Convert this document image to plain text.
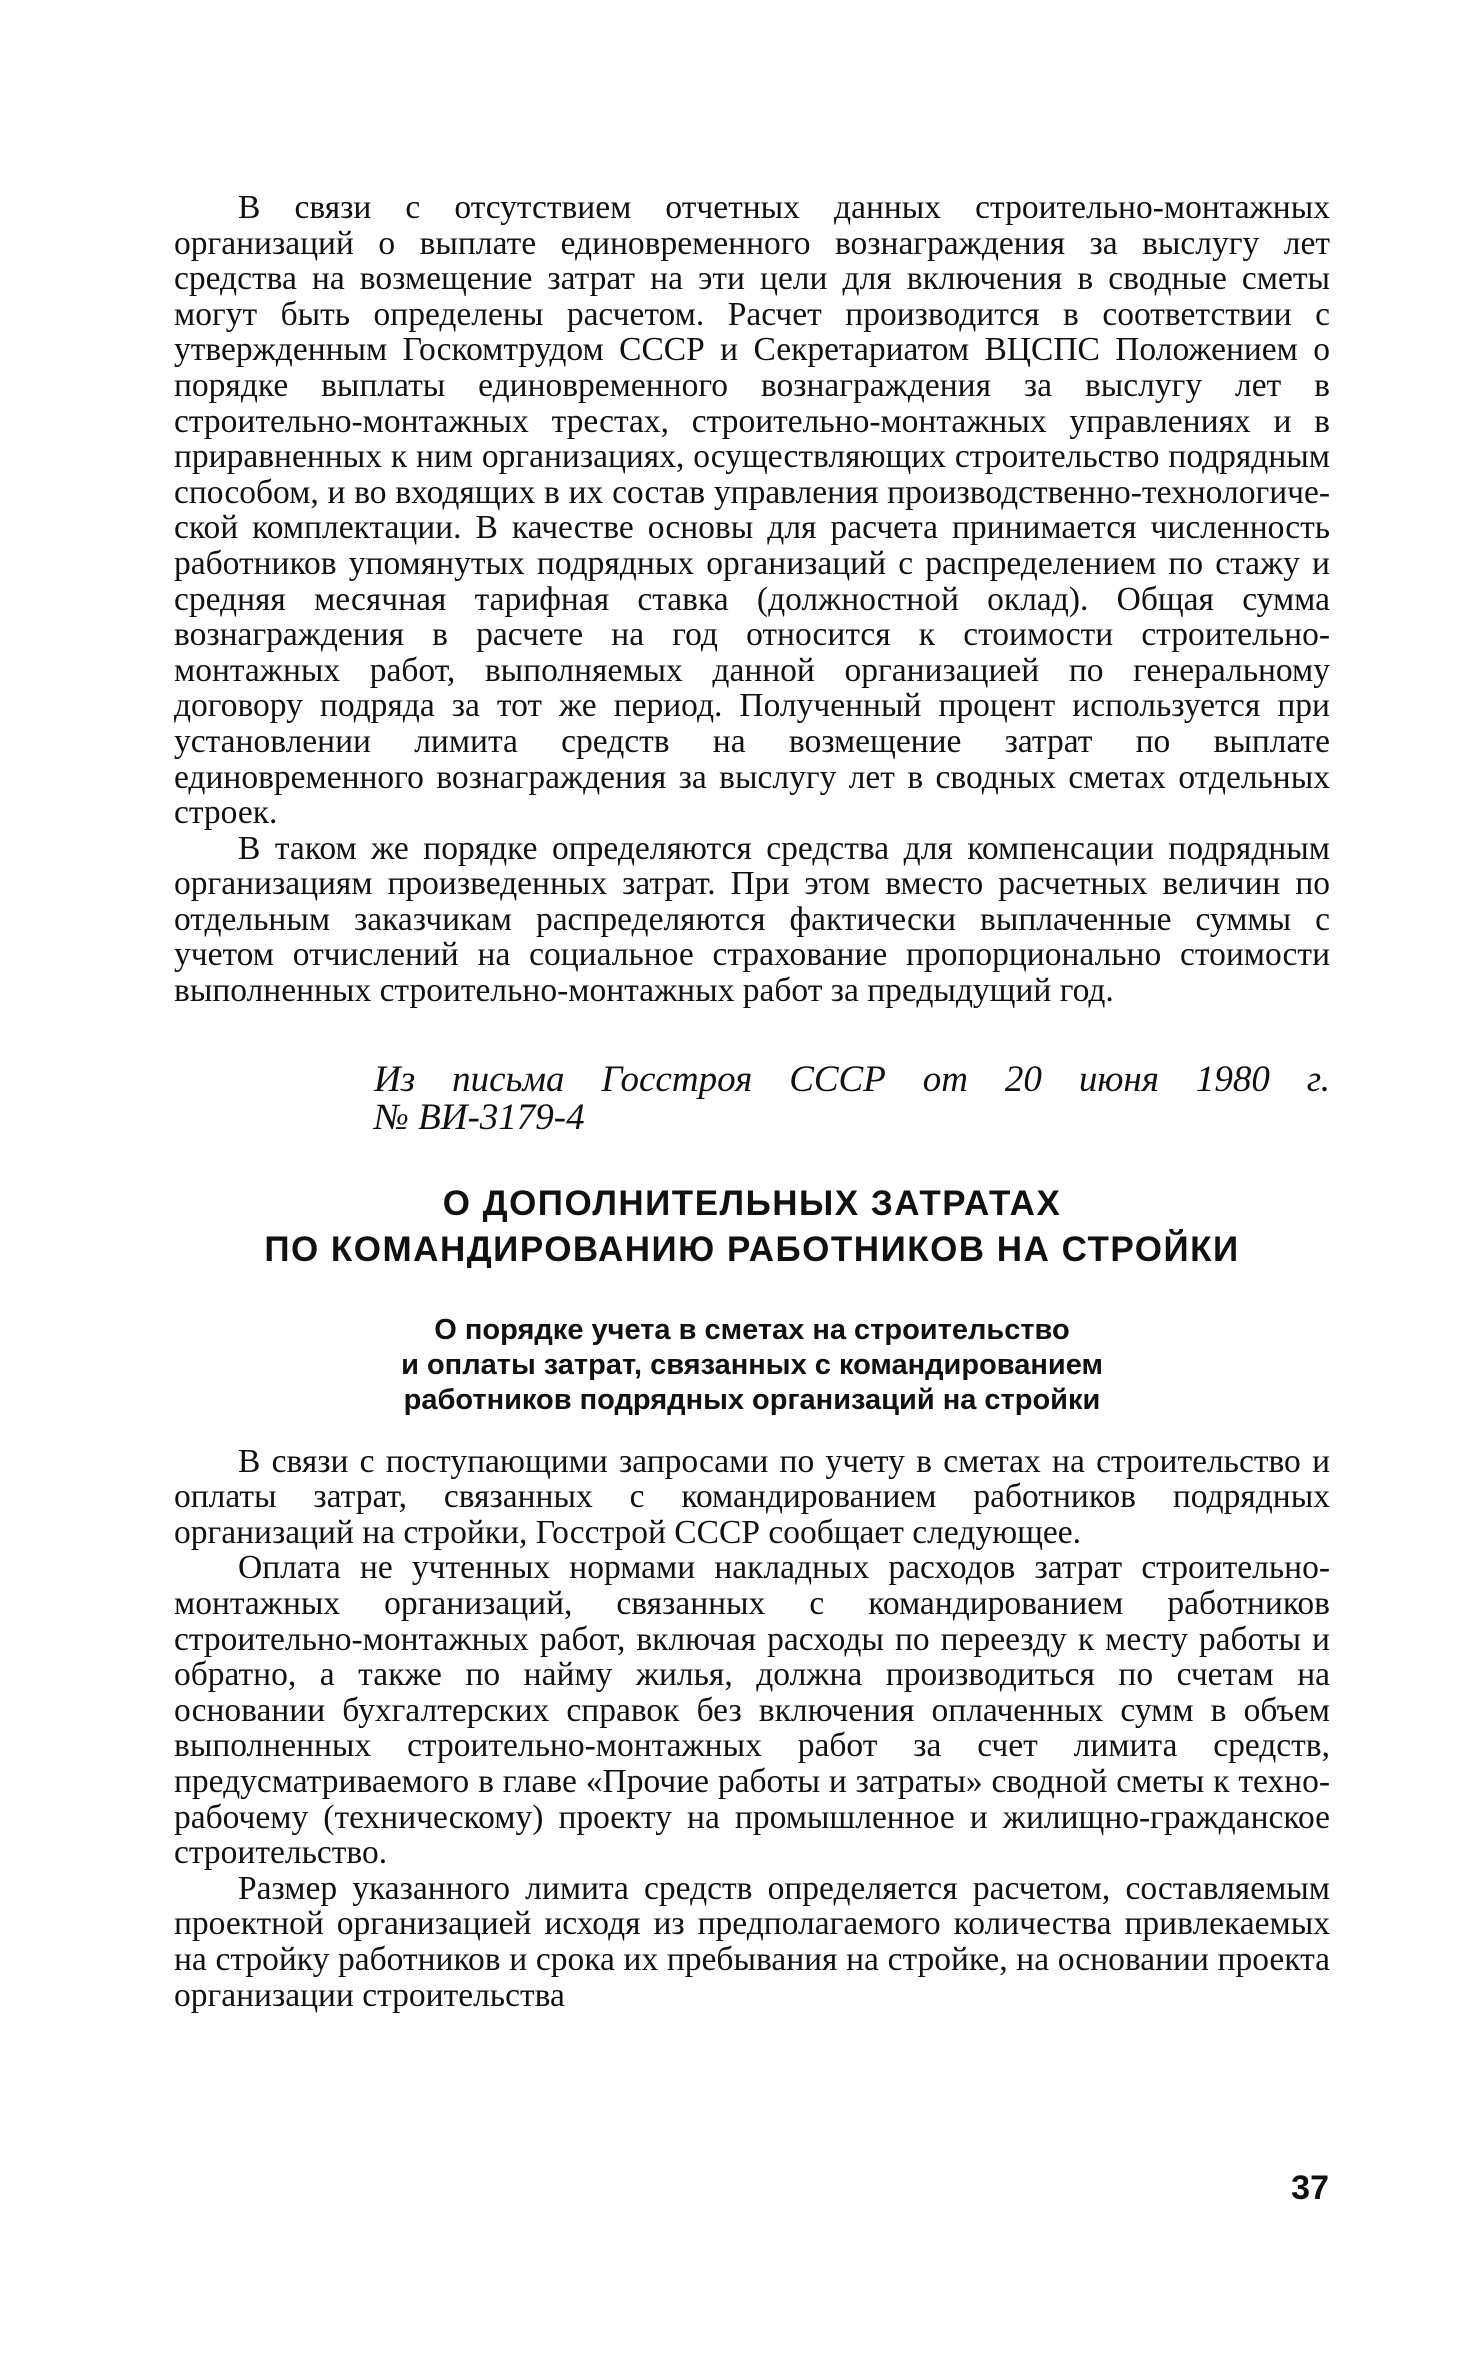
В связи с отсутствием отчетных данных строительно-монтажных организаций о выплате единовременного вознаграждения за выслугу лет средства на возмещение затрат на эти цели для включения в сводные сметы могут быть определены расчетом. Расчет производится в соответствии с утвержденным Госкомтрудом СССР и Секретариатом ВЦСПС Положением о порядке выплаты единовременного вознаграждения за выслугу лет в строительно-монтажных трестах, строительно-монтажных управлениях и в приравненных к ним организациях, осуществляющих строительство подрядным способом, и во входящих в их состав управления производственно-технологической комплектации. В качестве основы для расчета принимается численность работников упомянутых подрядных организаций с распределением по стажу и средняя месячная тарифная ставка (должностной оклад). Общая сумма вознаграждения в расчете на год относится к стоимости строительно-монтажных работ, выполняемых данной организацией по генеральному договору подряда за тот же период. Полученный процент используется при установлении лимита средств на возмещение затрат по выплате единовременного вознаграждения за выслугу лет в сводных сметах отдельных строек.

В таком же порядке определяются средства для компенсации подрядным организациям произведенных затрат. При этом вместо расчетных величин по отдельным заказчикам распределяются фактически выплаченные суммы с учетом отчислений на социальное страхование пропорционально стоимости выполненных строительно-монтажных работ за предыдущий год.

Из письма Госстроя СССР от 20 июня 1980 г.
№ ВИ-3179-4
О ДОПОЛНИТЕЛЬНЫХ ЗАТРАТАХ
ПО КОМАНДИРОВАНИЮ РАБОТНИКОВ НА СТРОЙКИ
О порядке учета в сметах на строительство
и оплаты затрат, связанных с командированием
работников подрядных организаций на стройки

В связи с поступающими запросами по учету в сметах на строительство и оплаты затрат, связанных с командированием работников подрядных организаций на стройки, Госстрой СССР сообщает следующее.

Оплата не учтенных нормами накладных расходов затрат строительно-монтажных организаций, связанных с командированием работников строительно-монтажных работ, включая расходы по переезду к месту работы и обратно, а также по найму жилья, должна производиться по счетам на основании бухгалтерских справок без включения оплаченных сумм в объем выполненных строительно-монтажных работ за счет лимита средств, предусматриваемого в главе «Прочие работы и затраты» сводной сметы к техно-рабочему (техническому) проекту на промышленное и жилищно-гражданское строительство.

Размер указанного лимита средств определяется расчетом, составляемым проектной организацией исходя из предполагаемого количества привлекаемых на стройку работников и срока их пребывания на стройке, на основании проекта организации строительства

37
